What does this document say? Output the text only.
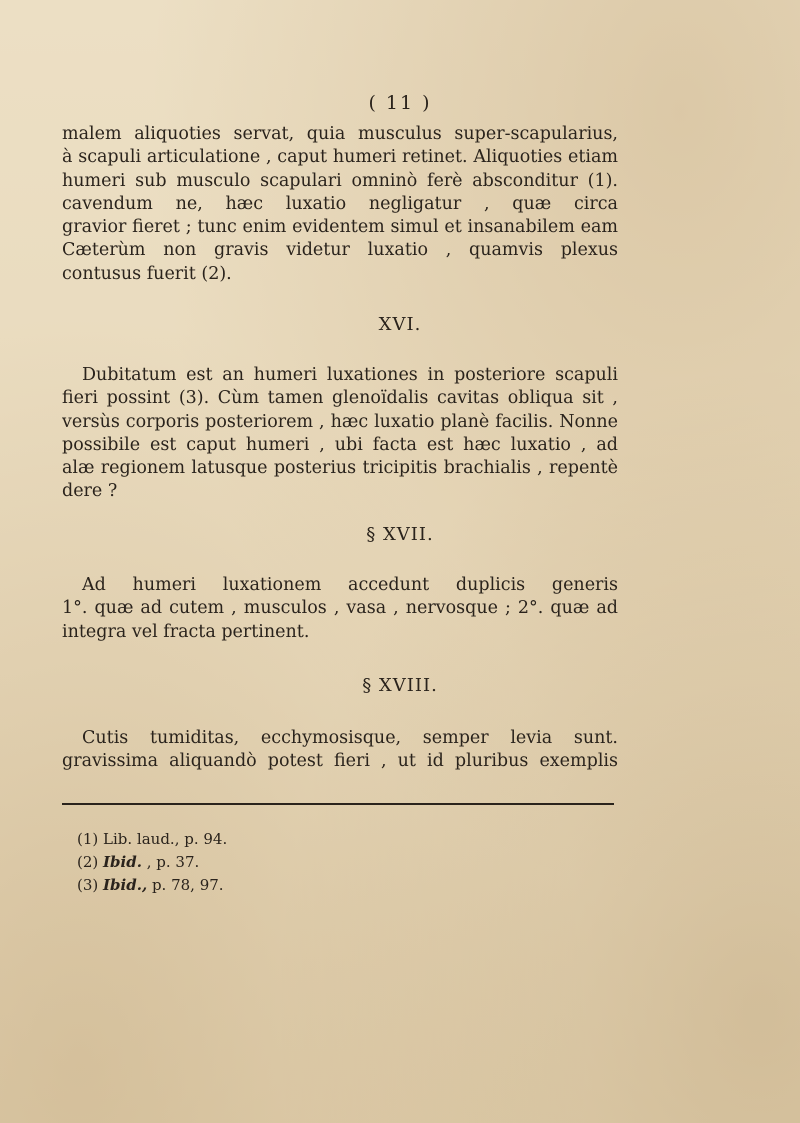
( 11 )
malem aliquoties servat, quia musculus super-scapularius,
à scapuli articulatione , caput humeri retinet. Aliquoties etiam
humeri sub musculo scapulari omninò ferè absconditur (1).
cavendum ne, hæc luxatio negligatur , quæ circa
gravior fieret ; tunc enim evidentem simul et insanabilem eam
Cæterùm non gravis videtur luxatio , quamvis plexus
contusus fuerit (2).
XVI.
Dubitatum est an humeri luxationes in posteriore scapuli
fieri possint (3). Cùm tamen glenoïdalis cavitas obliqua sit ,
versùs corporis posteriorem , hæc luxatio planè facilis. Nonne
possibile est caput humeri , ubi facta est hæc luxatio , ad
alæ regionem latusque posterius tricipitis brachialis , repentè
dere ?
§ XVII.
Ad humeri luxationem accedunt duplicis generis
1°. quæ ad cutem , musculos , vasa , nervosque ; 2°. quæ ad
integra vel fracta pertinent.
§ XVIII.
Cutis tumiditas, ecchymosisque, semper levia sunt.
gravissima aliquandò potest fieri , ut id pluribus exemplis
(1) Lib. laud., p. 94.
(2) Ibid. , p. 37.
(3) Ibid., p. 78, 97.
